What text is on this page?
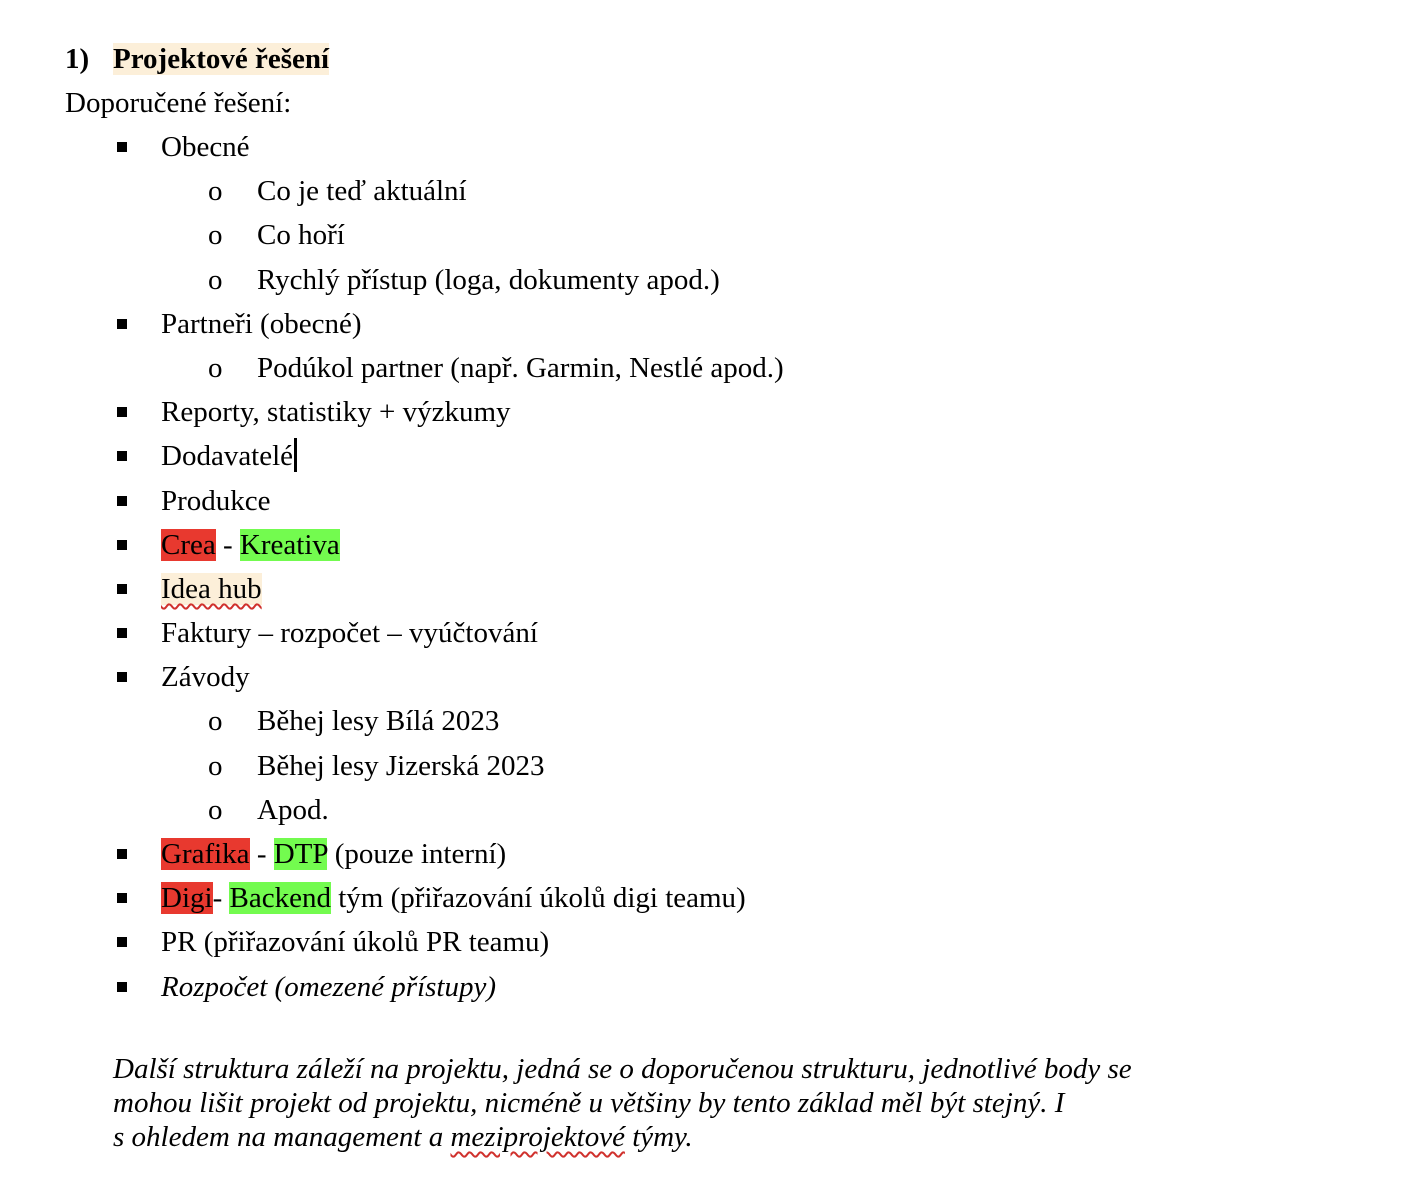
1) Projektové řešení
Doporučené řešení:
Obecné
o Co je teď aktuální
o Co hoří
o Rychlý přístup (loga, dokumenty apod.)
Partneři (obecné)
o Podúkol partner (např. Garmin, Nestlé apod.)
Reporty, statistiky + výzkumy
Dodavatelé
Produkce
Crea - Kreativa
Idea hub
Faktury – rozpočet – vyúčtování
Závody
o Běhej lesy Bílá 2023
o Běhej lesy Jizerská 2023
o Apod.
Grafika - DTP (pouze interní)
Digi- Backend tým (přiřazování úkolů digi teamu)
PR (přiřazování úkolů PR teamu)
Rozpočet (omezené přístupy)
Další struktura záleží na projektu, jedná se o doporučenou strukturu, jednotlivé body se
mohou lišit projekt od projektu, nicméně u většiny by tento základ měl být stejný. I
s ohledem na management a meziprojektové týmy.
